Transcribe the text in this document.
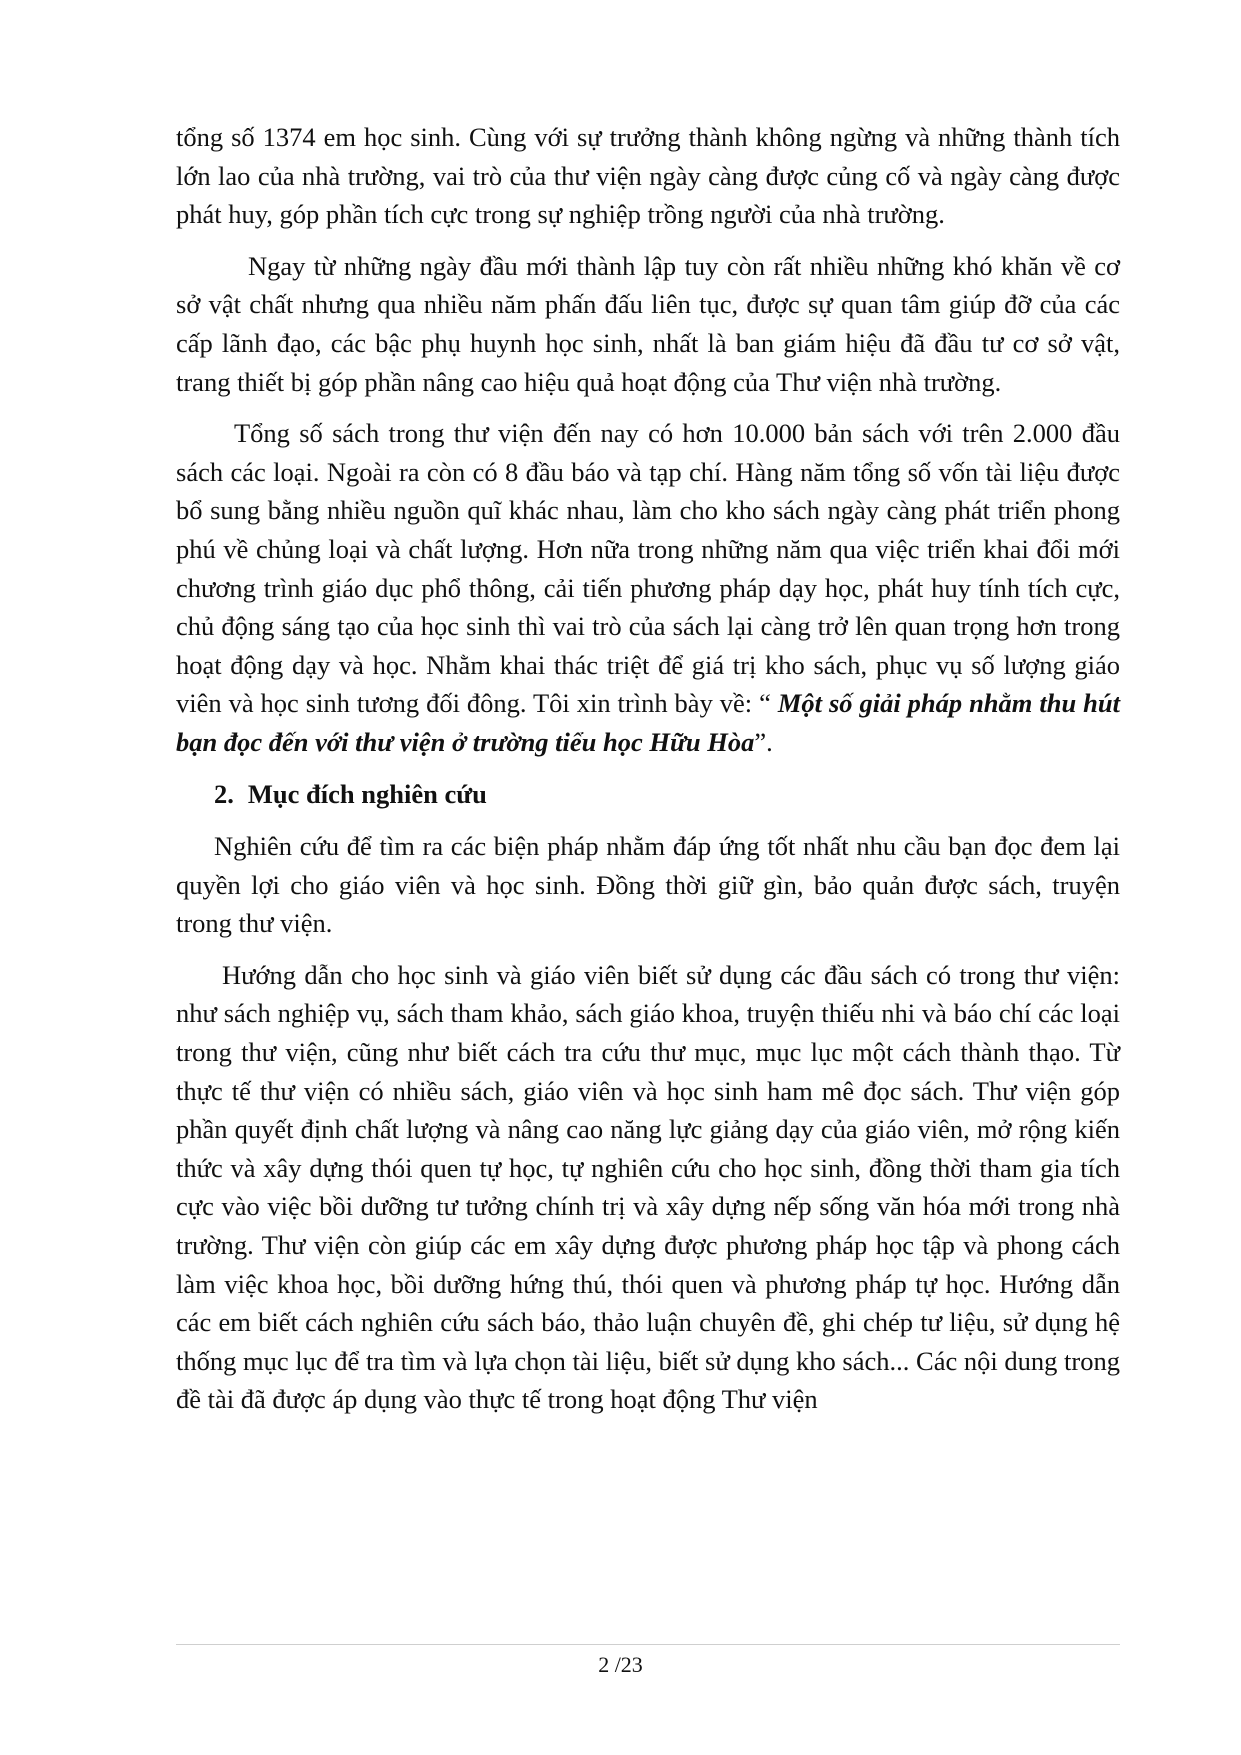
tổng số 1374 em học sinh. Cùng với sự trưởng thành không ngừng và những thành tích lớn lao của nhà trường, vai trò của thư viện ngày càng được củng cố và ngày càng được phát huy, góp phần tích cực trong sự nghiệp trồng người của nhà trường.

Ngay từ những ngày đầu mới thành lập tuy còn rất nhiều những khó khăn về cơ sở vật chất nhưng qua nhiều năm phấn đấu liên tục, được sự quan tâm giúp đỡ của các cấp lãnh đạo, các bậc phụ huynh học sinh, nhất là ban giám hiệu đã đầu tư cơ sở vật, trang thiết bị góp phần nâng cao hiệu quả hoạt động của Thư viện nhà trường.

Tổng số sách trong thư viện đến nay có hơn 10.000 bản sách với trên 2.000 đầu sách các loại. Ngoài ra còn có 8 đầu báo và tạp chí. Hàng năm tổng số vốn tài liệu được bổ sung bằng nhiều nguồn quĩ khác nhau, làm cho kho sách ngày càng phát triển phong phú về chủng loại và chất lượng. Hơn nữa trong những năm qua việc triển khai đổi mới chương trình giáo dục phổ thông, cải tiến phương pháp dạy học, phát huy tính tích cực, chủ động sáng tạo của học sinh thì vai trò của sách lại càng trở lên quan trọng hơn trong hoạt động dạy và học. Nhằm khai thác triệt để giá trị kho sách, phục vụ số lượng giáo viên và học sinh tương đối đông. Tôi xin trình bày về: “ Một số giải pháp nhằm thu hút bạn đọc đến với thư viện ở trường tiểu học Hữu Hòa”.

2. Mục đích nghiên cứu

Nghiên cứu để tìm ra các biện pháp nhằm đáp ứng tốt nhất nhu cầu bạn đọc đem lại quyền lợi cho giáo viên và học sinh. Đồng thời giữ gìn, bảo quản được sách, truyện trong thư viện.

Hướng dẫn cho học sinh và giáo viên biết sử dụng các đầu sách có trong thư viện: như sách nghiệp vụ, sách tham khảo, sách giáo khoa, truyện thiếu nhi và báo chí các loại trong thư viện, cũng như biết cách tra cứu thư mục, mục lục một cách thành thạo. Từ thực tế thư viện có nhiều sách, giáo viên và học sinh ham mê đọc sách. Thư viện góp phần quyết định chất lượng và nâng cao năng lực giảng dạy của giáo viên, mở rộng kiến thức và xây dựng thói quen tự học, tự nghiên cứu cho học sinh, đồng thời tham gia tích cực vào việc bồi dưỡng tư tưởng chính trị và xây dựng nếp sống văn hóa mới trong nhà trường. Thư viện còn giúp các em xây dựng được phương pháp học tập và phong cách làm việc khoa học, bồi dưỡng hứng thú, thói quen và phương pháp tự học. Hướng dẫn các em biết cách nghiên cứu sách báo, thảo luận chuyên đề, ghi chép tư liệu, sử dụng hệ thống mục lục để tra tìm và lựa chọn tài liệu, biết sử dụng kho sách... Các nội dung trong đề tài đã được áp dụng vào thực tế trong hoạt động Thư viện

2 /23
